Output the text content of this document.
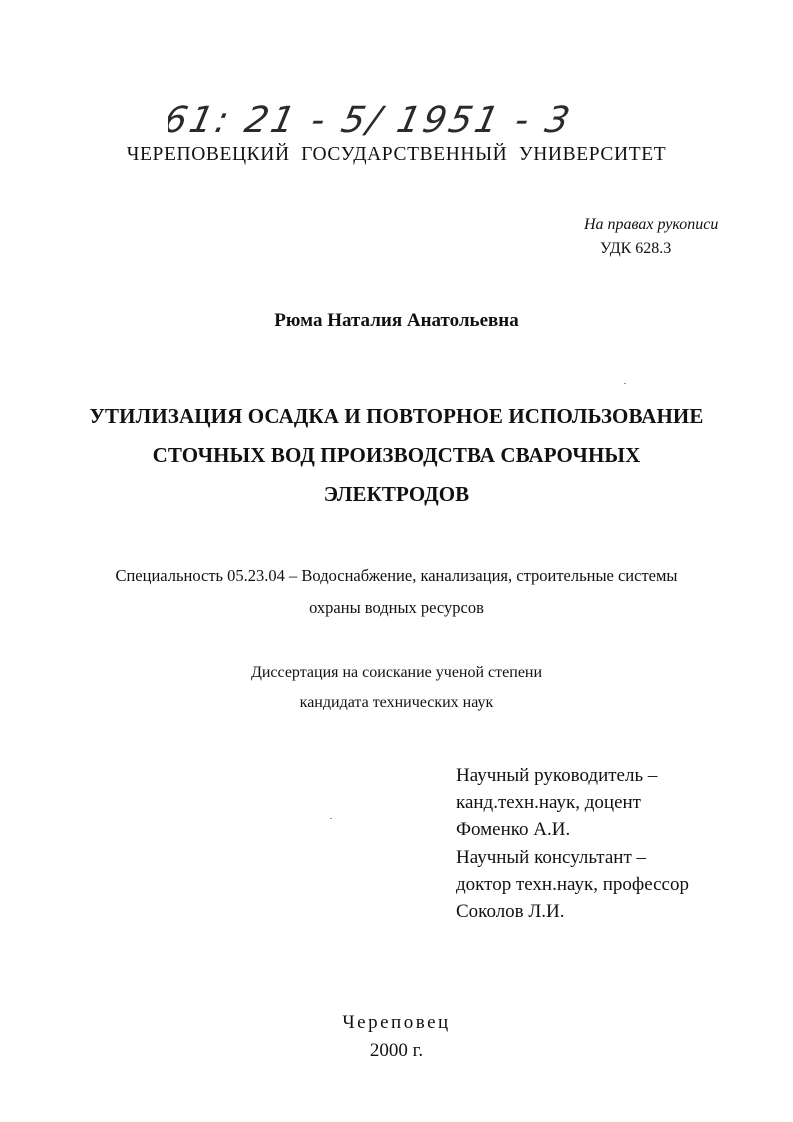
61: 21 - 5/ 1951 - 3
ЧЕРЕПОВЕЦКИЙ ГОСУДАРСТВЕННЫЙ УНИВЕРСИТЕТ
На правах рукописи
УДК 628.3
Рюма Наталия Анатольевна
УТИЛИЗАЦИЯ ОСАДКА И ПОВТОРНОЕ ИСПОЛЬЗОВАНИЕ
СТОЧНЫХ ВОД ПРОИЗВОДСТВА СВАРОЧНЫХ
ЭЛЕКТРОДОВ
Специальность 05.23.04 – Водоснабжение, канализация, строительные системы
охраны водных ресурсов
Диссертация на соискание ученой степени
кандидата технических наук
Научный руководитель –
канд.техн.наук, доцент
Фоменко А.И.
Научный консультант –
доктор техн.наук, профессор
Соколов Л.И.
Череповец
2000 г.
